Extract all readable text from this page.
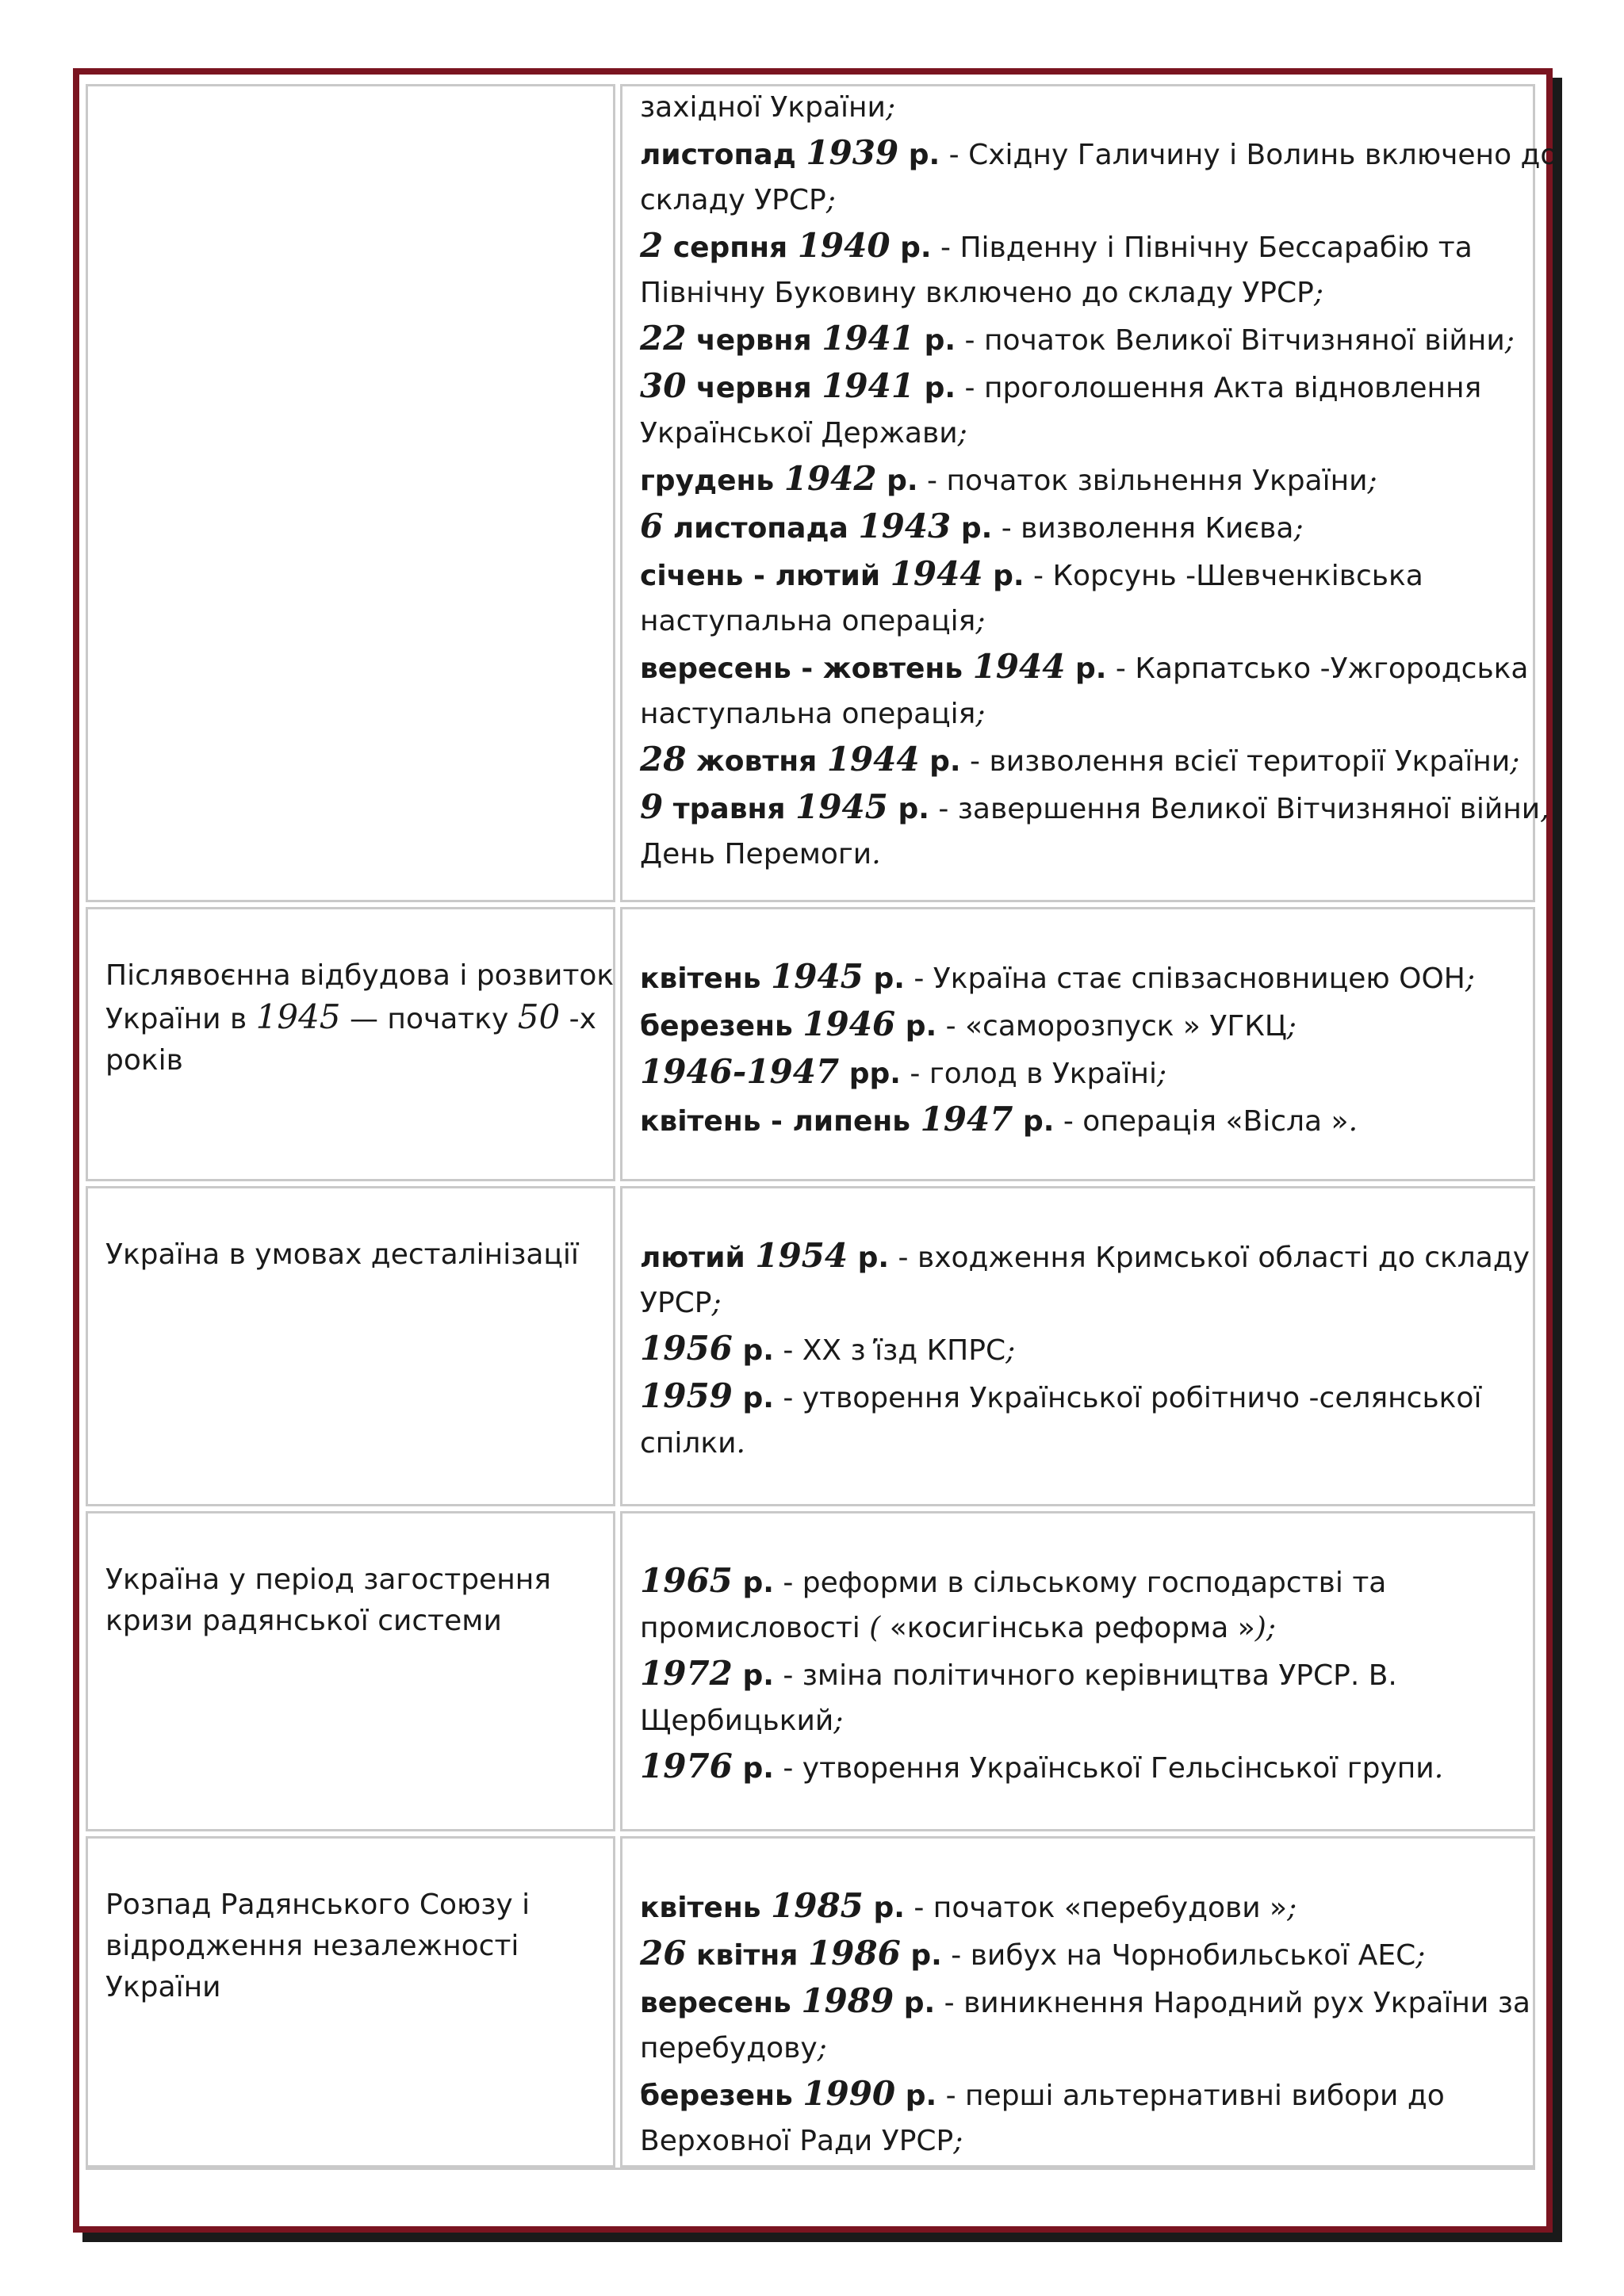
західної України;
листопад 1939 р. - Східну Галичину і Волинь включено до
складу УРСР;
2 серпня 1940 р. - Південну і Північну Бессарабію та
Північну Буковину включено до складу УРСР;
22 червня 1941 р. - початок Великої Вітчизняної війни;
30 червня 1941 р. - проголошення Акта відновлення
Української Держави;
грудень 1942 р. - початок звільнення України;
6 листопада 1943 р. - визволення Києва;
січень - лютий 1944 р. - Корсунь -Шевченківська
наступальна операція;
вересень - жовтень 1944 р. - Карпатсько -Ужгородська
наступальна операція;
28 жовтня 1944 р. - визволення всієї території України;
9 травня 1945 р. - завершення Великої Вітчизняної війни,
День Перемоги.
Післявоєнна відбудова і розвиток
України в 1945 — початку 50 -х
років
квітень 1945 р. - Україна стає співзасновницею ООН;
березень 1946 р. - «саморозпуск » УГКЦ;
1946-1947 рр. - голод в Україні;
квітень - липень 1947 р. - операція «Вісла ».
Україна в умовах десталінізації	лютий 1954 р. - входження Кримської області до складу
УРСР;
1956 р. - ХХ з ̕їзд КПРС;
1959 р. - утворення Української робітничо -селянської
спілки.
Україна у період загострення
кризи радянської системи
1965 р. - реформи в сільському господарстві та
промисловості ( «косигінська реформа »);
1972 р. - зміна політичного керівництва УРСР. В.
Щербицький;
1976 р. - утворення Української Гельсінської групи.
Розпад Радянського Союзу і
відродження незалежності
України
квітень 1985 р. - початок «перебудови »;
26 квітня 1986 р. - вибух на Чорнобильської АЕС;
вересень 1989 р. - виникнення Народний рух України за
перебудову;
березень 1990 р. - перші альтернативні вибори до
Верховної Ради УРСР;
